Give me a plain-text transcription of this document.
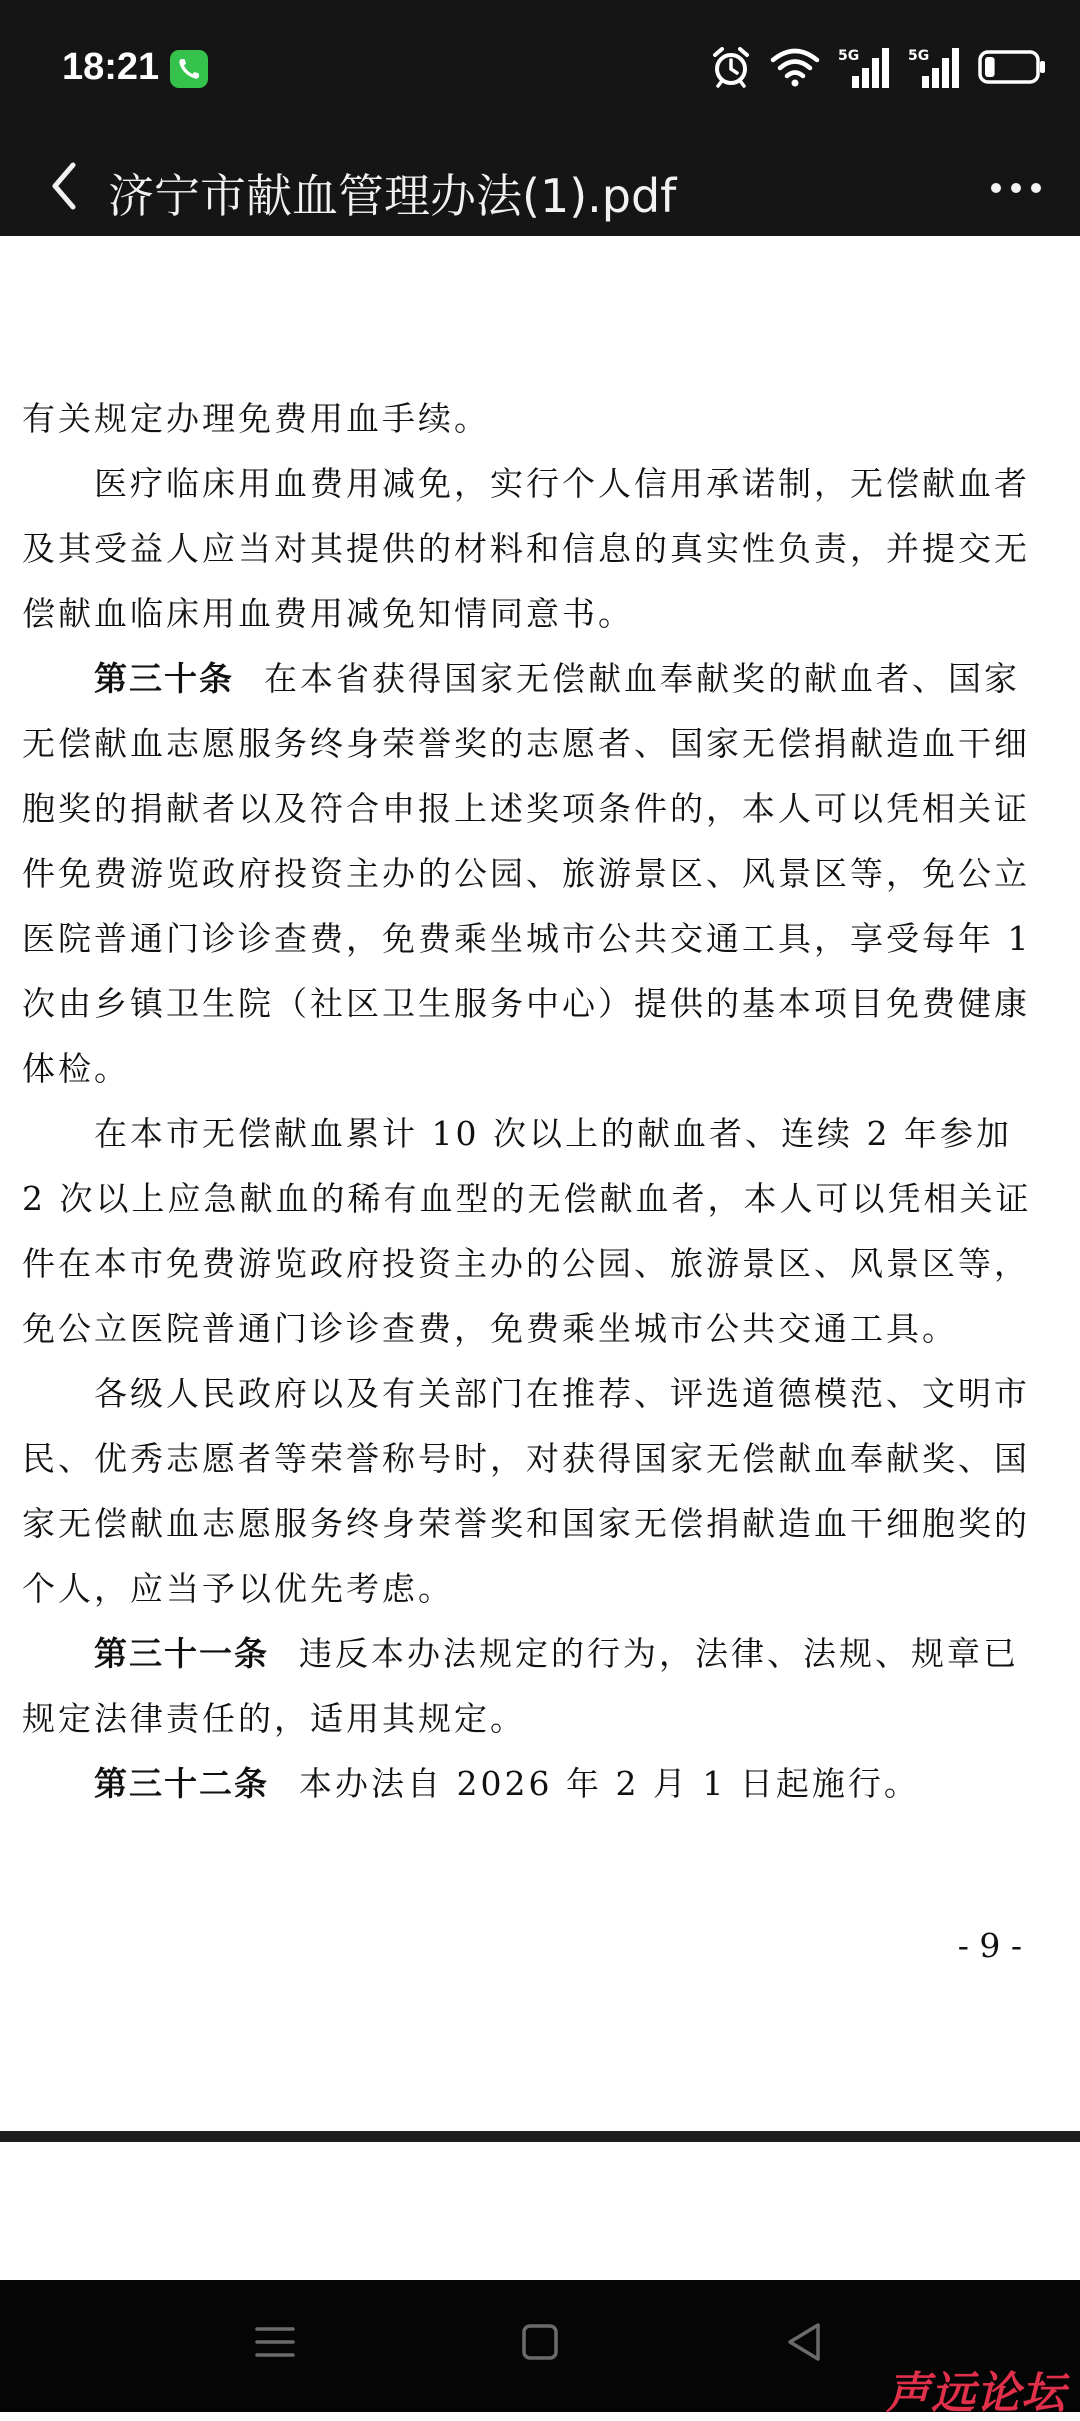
18:21	5G	5G
济宁市献血管理办法(1).pdf

有关规定办理免费用血手续。

医疗临床用血费用减免，实行个人信用承诺制，无偿献血者及其受益人应当对其提供的材料和信息的真实性负责，并提交无偿献血临床用血费用减免知情同意书。

第三十条 在本省获得国家无偿献血奉献奖的献血者、国家无偿献血志愿服务终身荣誉奖的志愿者、国家无偿捐献造血干细胞奖的捐献者以及符合申报上述奖项条件的，本人可以凭相关证件免费游览政府投资主办的公园、旅游景区、风景区等，免公立医院普通门诊诊查费，免费乘坐城市公共交通工具，享受每年 1 次由乡镇卫生院（社区卫生服务中心）提供的基本项目免费健康体检。

在本市无偿献血累计 10 次以上的献血者、连续 2 年参加 2 次以上应急献血的稀有血型的无偿献血者，本人可以凭相关证件在本市免费游览政府投资主办的公园、旅游景区、风景区等，免公立医院普通门诊诊查费，免费乘坐城市公共交通工具。

各级人民政府以及有关部门在推荐、评选道德模范、文明市民、优秀志愿者等荣誉称号时，对获得国家无偿献血奉献奖、国家无偿献血志愿服务终身荣誉奖和国家无偿捐献造血干细胞奖的个人，应当予以优先考虑。

第三十一条 违反本办法规定的行为，法律、法规、规章已规定法律责任的，适用其规定。

第三十二条 本办法自 2026 年 2 月 1 日起施行。

- 9 -
声远论坛
